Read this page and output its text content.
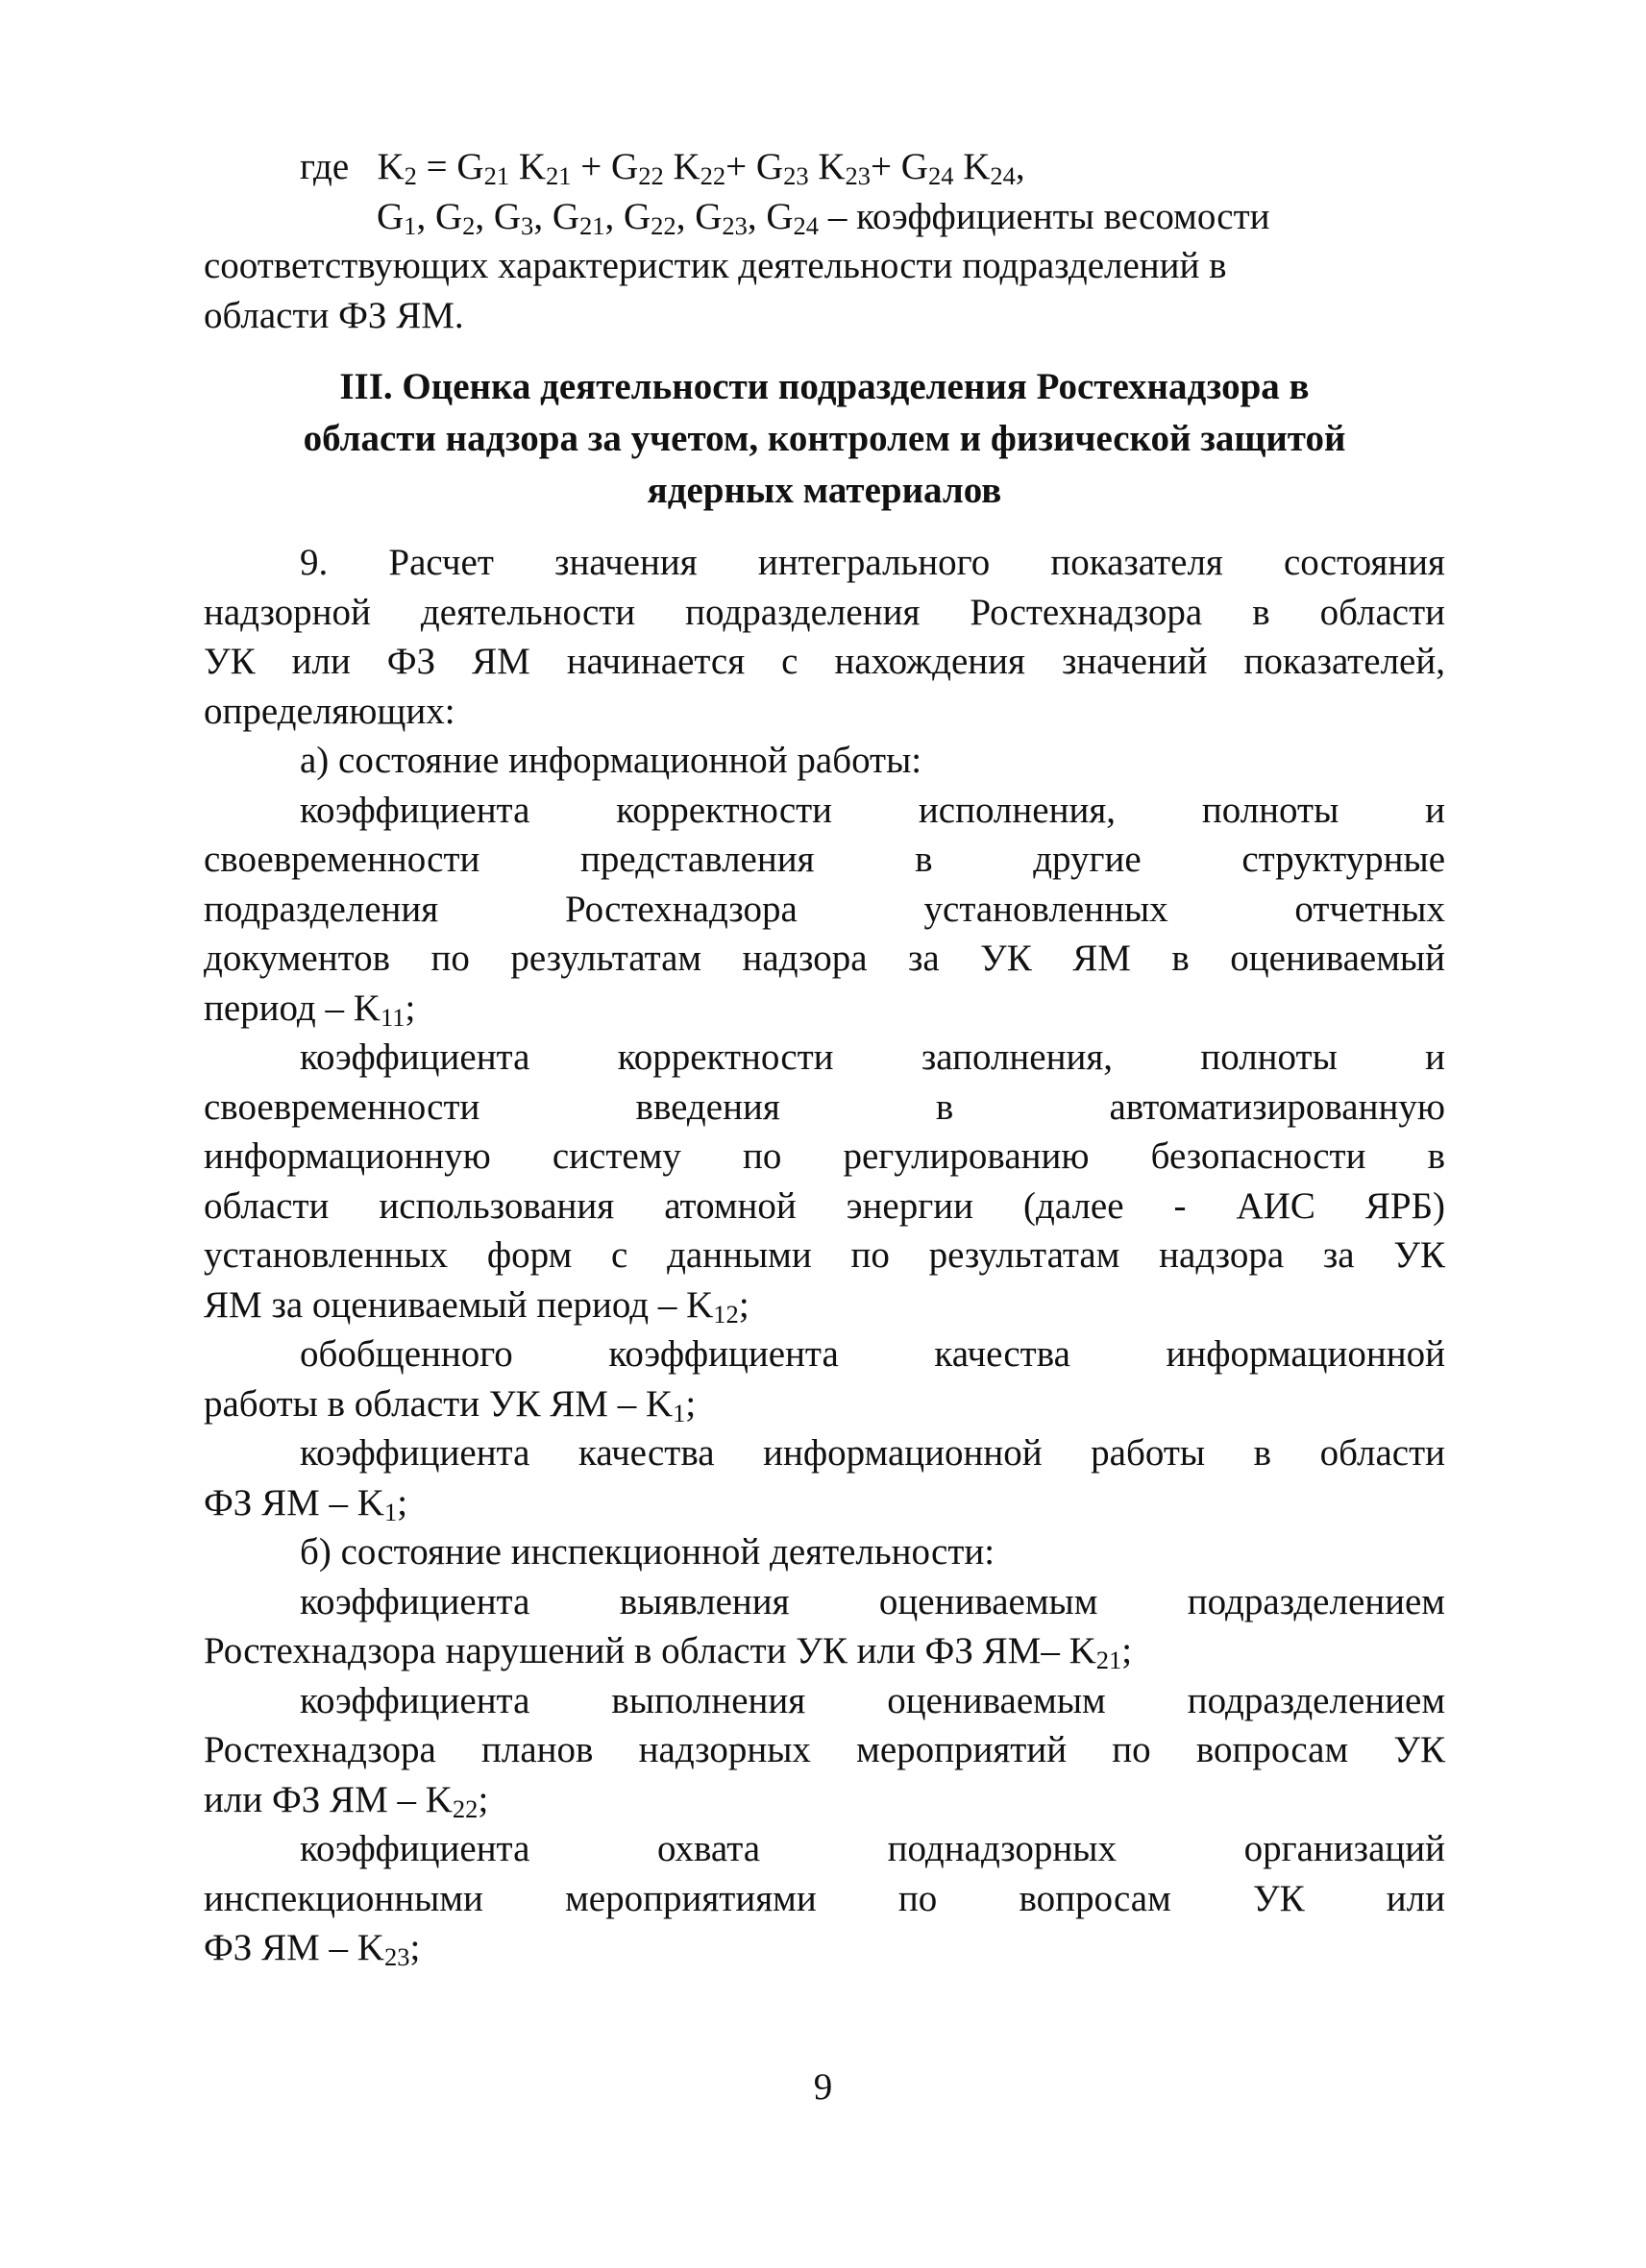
где $K_2 = G_{21}$ $K_{21} + G_{22}$ $K_{22}+ G_{23}$ $K_{23}+ G_{24}$ $K_{24}$,
$G_1$, $G_2$, $G_3$, $G_{21}$, $G_{22}$, $G_{23}$, $G_{24}$ – коэффициенты весомости
соответствующих характеристик деятельности подразделений в
области ФЗ ЯМ.
III. Оценка деятельности подразделения Ростехнадзора в
области надзора за учетом, контролем и физической защитой
ядерных материалов
9. Расчет значения интегрального показателя состояния
надзорной деятельности подразделения Ростехнадзора в области
УК или ФЗ ЯМ начинается с нахождения значений показателей,
определяющих:
а) состояние информационной работы:
коэффициента корректности исполнения, полноты и
своевременности представления в другие структурные
подразделения Ростехнадзора установленных отчетных
документов по результатам надзора за УК ЯМ в оцениваемый
период – $K_{11}$;
коэффициента корректности заполнения, полноты и
своевременности введения в автоматизированную
информационную систему по регулированию безопасности в
области использования атомной энергии (далее - АИС ЯРБ)
установленных форм с данными по результатам надзора за УК
ЯМ за оцениваемый период – $K_{12}$;
обобщенного коэффициента качества информационной
работы в области УК ЯМ – $K_1$;
коэффициента качества информационной работы в области
ФЗ ЯМ – $K_1$;
б) состояние инспекционной деятельности:
коэффициента выявления оцениваемым подразделением
Ростехнадзора нарушений в области УК или ФЗ ЯМ– $K_{21}$;
коэффициента выполнения оцениваемым подразделением
Ростехнадзора планов надзорных мероприятий по вопросам УК
или ФЗ ЯМ – $K_{22}$;
коэффициента охвата поднадзорных организаций
инспекционными мероприятиями по вопросам УК или
ФЗ ЯМ – $K_{23}$;
9
